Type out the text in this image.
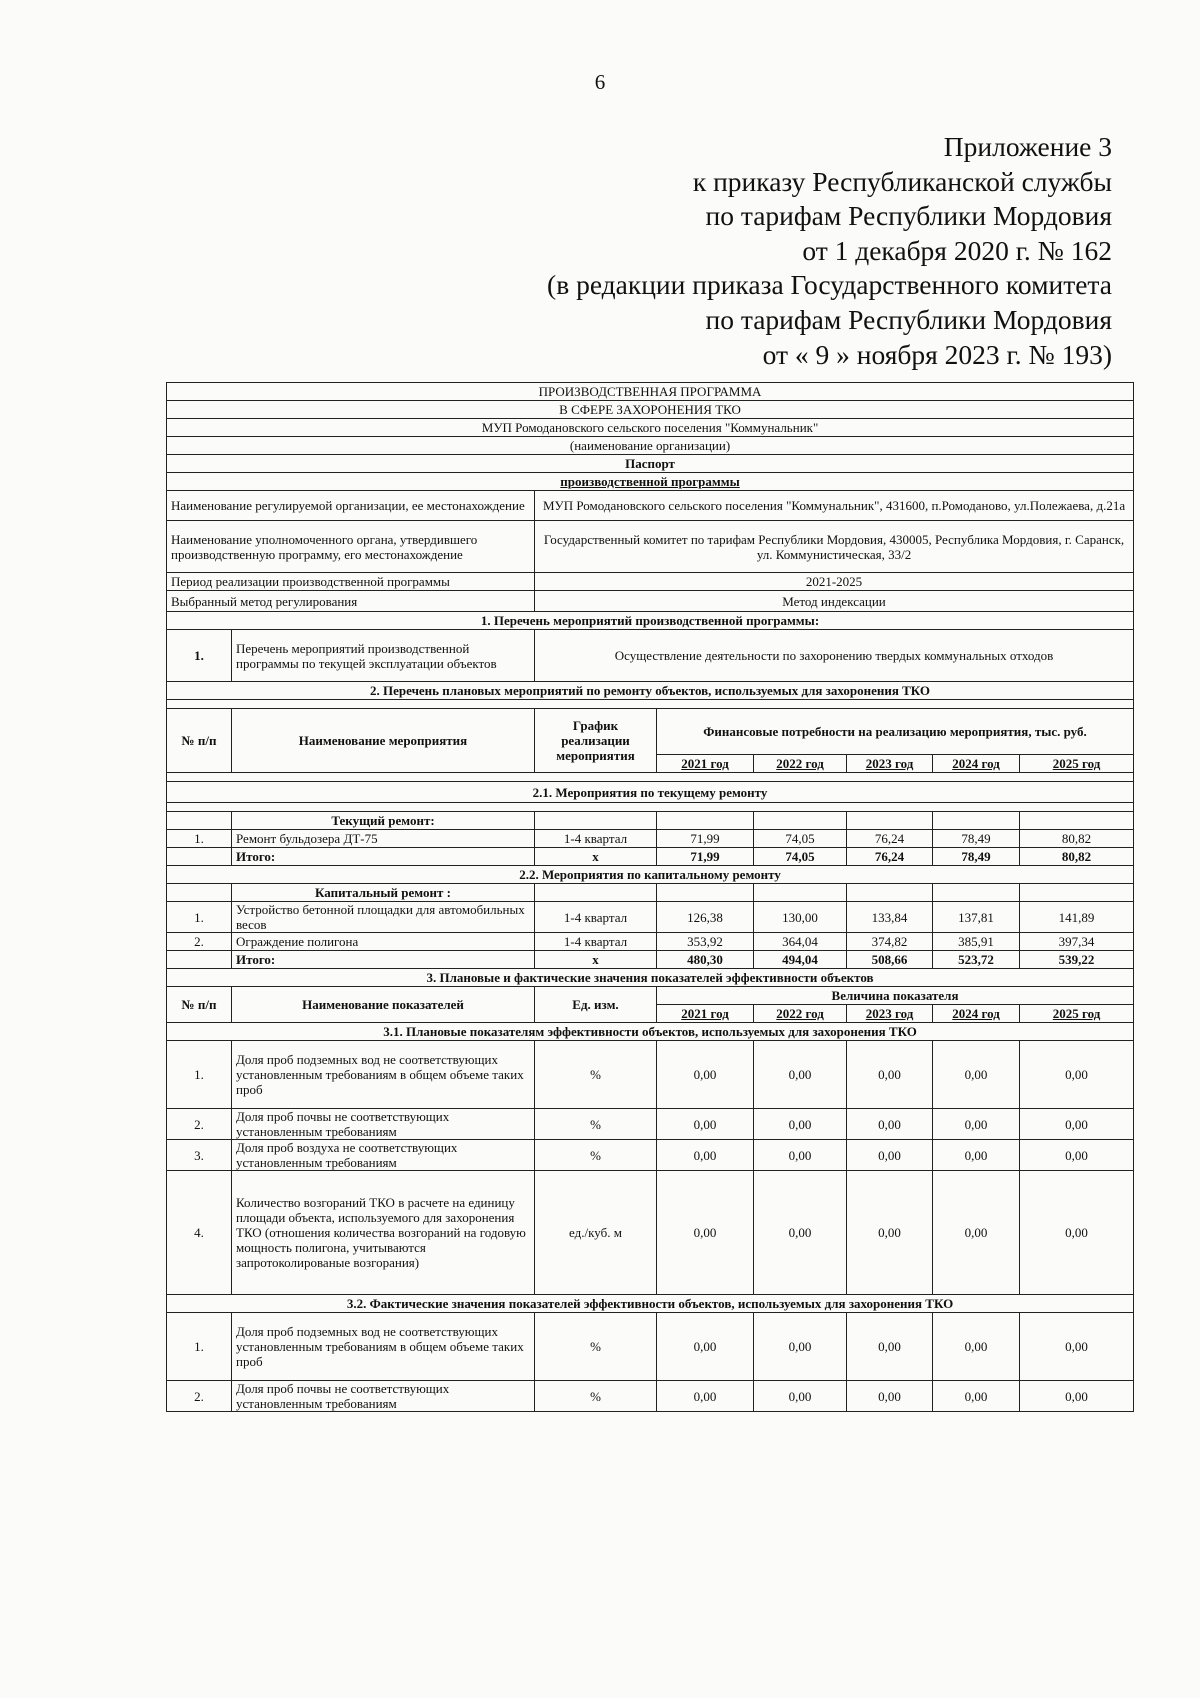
6
Приложение 3
к приказу Республиканской службы
по тарифам Республики Мордовия
от 1 декабря 2020 г. № 162
(в редакции приказа Государственного комитета
по тарифам Республики Мордовия
от « 9 » ноября 2023 г. № 193)
ПРОИЗВОДСТВЕННАЯ ПРОГРАММА							
В СФЕРЕ ЗАХОРОНЕНИЯ ТКО							
МУП Ромодановского сельского поселения "Коммунальник"							
(наименование организации)							
Паспорт							
производственной программы							
Наименование регулируемой организации, ее местонахождение		МУП Ромодановского сельского поселения "Коммунальник", 431600, п.Ромоданово, ул.Полежаева, д.21а					
Наименование уполномоченного органа, утвердившего производственную программу, его местонахождение		Государственный комитет по тарифам Республики Мордовия, 430005, Республика Мордовия, г. Саранск, ул. Коммунистическая, 33/2					
Период реализации производственной программы		2021-2025					
Выбранный метод регулирования		Метод индексации					
1. Перечень мероприятий производственной программы:							
1.	Перечень мероприятий производственной программы по текущей эксплуатации объектов	Осуществление деятельности по захоронению твердых коммунальных отходов					
2. Перечень плановых мероприятий по ремонту объектов, используемых для захоронения ТКО							

№ п/п	Наименование мероприятия	График реализации мероприятия	Финансовые потребности на реализацию мероприятия, тыс. руб.				
			2021 год	2022 год	2023 год	2024 год	2025 год

2.1. Мероприятия по текущему ремонту							

	Текущий ремонт:						
1.	Ремонт бульдозера ДТ-75	1-4 квартал	71,99	74,05	76,24	78,49	80,82
	Итого:	x	71,99	74,05	76,24	78,49	80,82
2.2. Мероприятия по капитальному ремонту							
	Капитальный ремонт :						
1.	Устройство бетонной площадки для автомобильных весов	1-4 квартал	126,38	130,00	133,84	137,81	141,89
2.	Ограждение полигона	1-4 квартал	353,92	364,04	374,82	385,91	397,34
	Итого:	x	480,30	494,04	508,66	523,72	539,22
3. Плановые и фактические значения показателей эффективности объектов							
№ п/п	Наименование показателей	Ед. изм.	Величина показателя				
			2021 год	2022 год	2023 год	2024 год	2025 год
3.1. Плановые показателям эффективности объектов, используемых для захоронения ТКО							
1.	Доля проб подземных вод не соответствующих установленным требованиям в общем объеме таких проб	%	0,00	0,00	0,00	0,00	0,00
2.	Доля проб почвы не соответствующих установленным требованиям	%	0,00	0,00	0,00	0,00	0,00
3.	Доля проб воздуха не соответствующих установленным требованиям	%	0,00	0,00	0,00	0,00	0,00
4.	Количество возгораний ТКО в расчете на единицу площади объекта, используемого для захоронения ТКО (отношения количества возгораний на годовую мощность полигона, учитываются запротоколированые возгорания)	ед./куб. м	0,00	0,00	0,00	0,00	0,00
3.2. Фактические значения показателей эффективности объектов, используемых для захоронения ТКО							
1.	Доля проб подземных вод не соответствующих установленным требованиям в общем объеме таких проб	%	0,00	0,00	0,00	0,00	0,00
2.	Доля проб почвы не соответствующих установленным требованиям	%	0,00	0,00	0,00	0,00	0,00
